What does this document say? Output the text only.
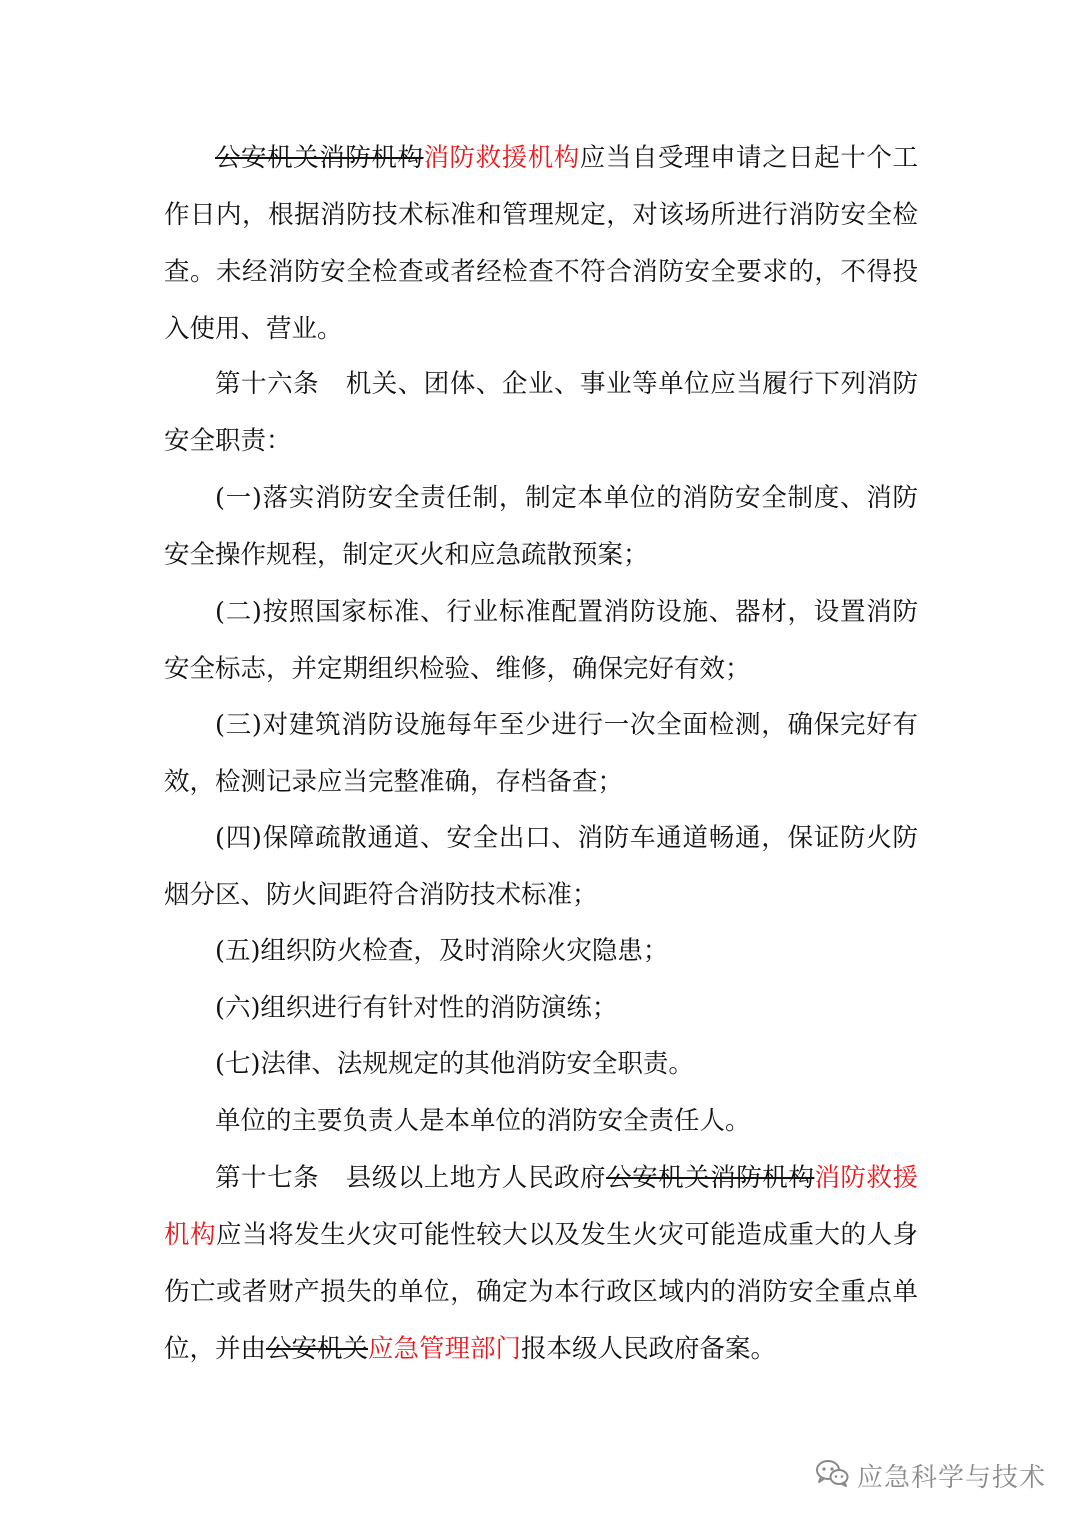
公安机关消防机构消防救援机构应当自受理申请之日起十个工作日内，根据消防技术标准和管理规定，对该场所进行消防安全检查。未经消防安全检查或者经检查不符合消防安全要求的，不得投入使用、营业。

第十六条 机关、团体、企业、事业等单位应当履行下列消防安全职责：

(一)落实消防安全责任制，制定本单位的消防安全制度、消防安全操作规程，制定灭火和应急疏散预案；

(二)按照国家标准、行业标准配置消防设施、器材，设置消防安全标志，并定期组织检验、维修，确保完好有效；

(三)对建筑消防设施每年至少进行一次全面检测，确保完好有效，检测记录应当完整准确，存档备查；

(四)保障疏散通道、安全出口、消防车通道畅通，保证防火防烟分区、防火间距符合消防技术标准；

(五)组织防火检查，及时消除火灾隐患；

(六)组织进行有针对性的消防演练；

(七)法律、法规规定的其他消防安全职责。

单位的主要负责人是本单位的消防安全责任人。

第十七条 县级以上地方人民政府公安机关消防机构消防救援机构应当将发生火灾可能性较大以及发生火灾可能造成重大的人身伤亡或者财产损失的单位，确定为本行政区域内的消防安全重点单位，并由公安机关应急管理部门报本级人民政府备案。

应急科学与技术
